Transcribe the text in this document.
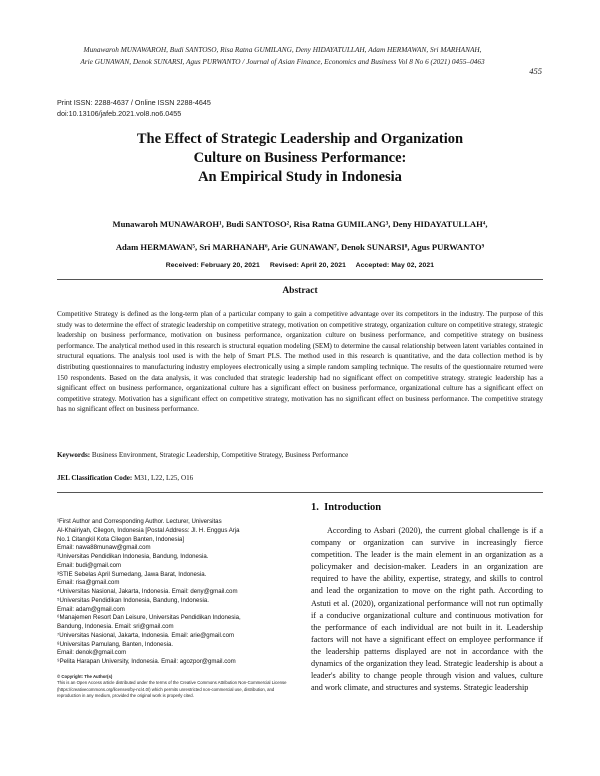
Munawaroh MUNAWAROH, Budi SANTOSO, Risa Ratna GUMILANG, Deny HIDAYATULLAH, Adam HERMAWAN, Sri MARHANAH,
Arie GUNAWAN, Denok SUNARSI, Agus PURWANTO / Journal of Asian Finance, Economics and Business Vol 8 No 6 (2021) 0455–0463
455
Print ISSN: 2288-4637 / Online ISSN 2288-4645
doi:10.13106/jafeb.2021.vol8.no6.0455
The Effect of Strategic Leadership and Organization
Culture on Business Performance:
An Empirical Study in Indonesia
Munawaroh MUNAWAROH¹, Budi SANTOSO², Risa Ratna GUMILANG³, Deny HIDAYATULLAH⁴,
Adam HERMAWAN⁵, Sri MARHANAH⁶, Arie GUNAWAN⁷, Denok SUNARSI⁸, Agus PURWANTO⁹
Received: February 20, 2021     Revised: April 20, 2021     Accepted: May 02, 2021
Abstract
Competitive Strategy is defined as the long-term plan of a particular company to gain a competitive advantage over its competitors in the industry. The purpose of this study was to determine the effect of strategic leadership on competitive strategy, motivation on competitive strategy, organization culture on competitive strategy, strategic leadership on business performance, motivation on business performance, organization culture on business performance, and competitive strategy on business performance. The analytical method used in this research is structural equation modeling (SEM) to determine the causal relationship between latent variables contained in structural equations. The analysis tool used is with the help of Smart PLS. The method used in this research is quantitative, and the data collection method is by distributing questionnaires to manufacturing industry employees electronically using a simple random sampling technique. The results of the questionnaire returned were 150 respondents. Based on the data analysis, it was concluded that strategic leadership had no significant effect on competitive strategy. strategic leadership has a significant effect on business performance, organizational culture has a significant effect on business performance, organizational culture has a significant effect on competitive strategy. Motivation has a significant effect on competitive strategy, motivation has no significant effect on business performance. The competitive strategy has no significant effect on business performance.
Keywords: Business Environment, Strategic Leadership, Competitive Strategy, Business Performance
JEL Classification Code: M31, L22, L25, O16
1.  Introduction
According to Asbari (2020), the current global challenge is if a company or organization can survive in increasingly fierce competition. The leader is the main element in an organization as a policymaker and decision-maker. Leaders in an organization are required to have the ability, expertise, strategy, and skills to control and lead the organization to move on the right path. According to Astuti et al. (2020), organizational performance will not run optimally if a conducive organizational culture and continuous motivation for the performance of each individual are not built in it. Leadership factors will not have a significant effect on employee performance if the leadership patterns displayed are not in accordance with the dynamics of the organization they lead. Strategic leadership is about a leader's ability to change people through vision and values, culture and work climate, and structures and systems. Strategic leadership
¹First Author and Corresponding Author. Lecturer, Universitas
Al-Khairiyah, Cilegon, Indonesia [Postal Address: Jl. H. Enggus Arja
No.1 Citangkil Kota Cilegon Banten, Indonesia]
Email: nawa88munaw@gmail.com
²Universitas Pendidikan Indonesia, Bandung, Indonesia.
Email: budi@gmail.com
³STIE Sebelas April Sumedang, Jawa Barat, Indonesia.
Email: risa@gmail.com
⁴Universitas Nasional, Jakarta, Indonesia. Email: deny@gmail.com
⁵Universitas Pendidikan Indonesia, Bandung, Indonesia.
Email: adam@gmail.com
⁶Manajemen Resort Dan Leisure, Universitas Pendidikan Indonesia,
Bandung, Indonesia. Email: sri@gmail.com
⁷Universitas Nasional, Jakarta, Indonesia. Email: arie@gmail.com
⁸Universitas Pamulang, Banten, Indonesia.
Email: denok@gmail.com
⁹Pelita Harapan University, Indonesia. Email: agozpor@gmail.com
© Copyright: The Author(s)
This is an Open Access article distributed under the terms of the Creative Commons Attribution Non-Commercial License (https://creativecommons.org/licenses/by-nc/4.0/) which permits unrestricted non-commercial use, distribution, and reproduction in any medium, provided the original work is properly cited.
